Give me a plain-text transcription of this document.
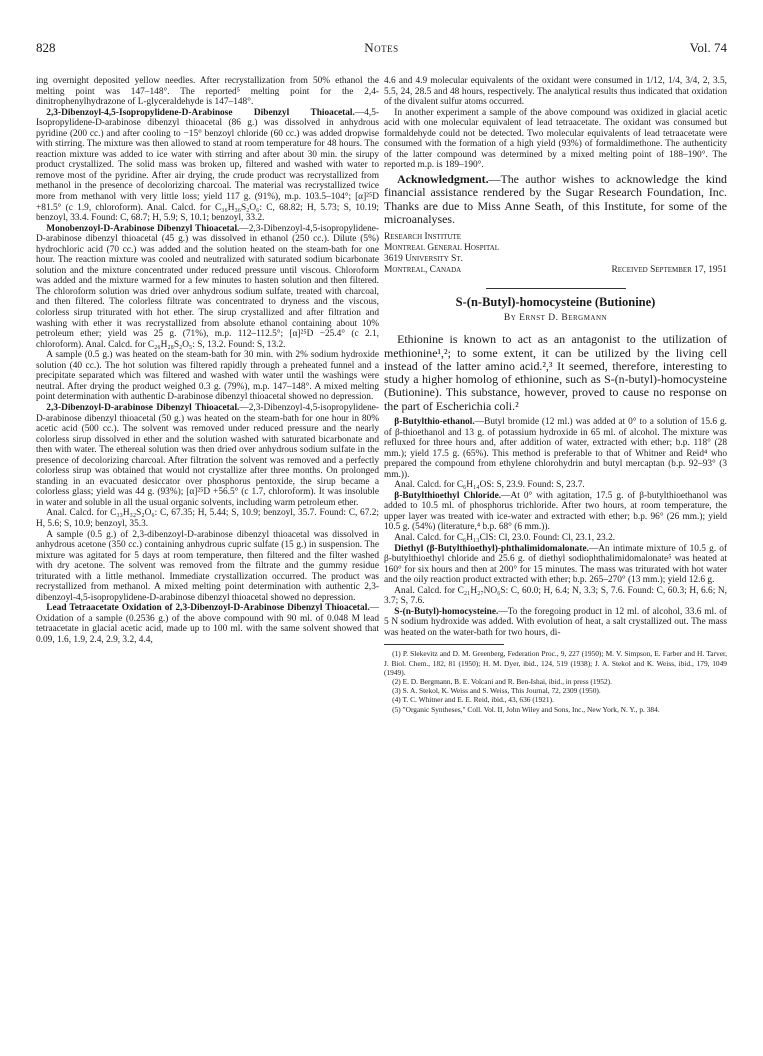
828	Notes	Vol. 74

ing overnight deposited yellow needles. After recrystallization from 50% ethanol the melting point was 147–148°. The reported⁵ melting point for the 2,4-dinitrophenylhydrazone of L-glyceraldehyde is 147–148°.

2,3-Dibenzoyl-4,5-Isopropylidene-D-Arabinose Dibenzyl Thioacetal.—4,5-Isopropylidene-D-arabinose dibenzyl thioacetal (86 g.) was dissolved in anhydrous pyridine (200 cc.) and after cooling to −15° benzoyl chloride (60 cc.) was added dropwise with stirring. The mixture was then allowed to stand at room temperature for 48 hours. The reaction mixture was added to ice water with stirring and after about 30 min. the sirupy product crystallized. The solid mass was broken up, filtered and washed with water to remove most of the pyridine. After air drying, the crude product was recrystallized from methanol in the presence of decolorizing charcoal. The material was recrystallized twice more from methanol with very little loss; yield 117 g. (91%), m.p. 103.5–104°; [α]²⁵D +81.5° (c 1.9, chloroform). Anal. Calcd. for C₃₆H₃₆S₂O₆: C, 68.82; H, 5.73; S, 10.19; benzoyl, 33.4. Found: C, 68.7; H, 5.9; S, 10.1; benzoyl, 33.2.

Monobenzoyl-D-Arabinose Dibenzyl Thioacetal.—2,3-Dibenzoyl-4,5-isopropylidene-D-arabinose dibenzyl thioacetal (45 g.) was dissolved in ethanol (250 cc.). Dilute (5%) hydrochloric acid (70 cc.) was added and the solution heated on the steam-bath for one hour. The reaction mixture was cooled and neutralized with saturated sodium bicarbonate solution and the mixture concentrated under reduced pressure until viscous. Chloroform was added and the mixture warmed for a few minutes to hasten solution and then filtered. The chloroform solution was dried over anhydrous sodium sulfate, treated with charcoal, and then filtered. The colorless filtrate was concentrated to dryness and the viscous, colorless sirup triturated with hot ether. The sirup crystallized and after filtration and washing with ether it was recrystallized from absolute ethanol containing about 10% petroleum ether; yield was 25 g. (71%), m.p. 112–112.5°; [α]²⁵D −25.4° (c 2.1, chloroform). Anal. Calcd. for C₂₆H₂₈S₂O₅: S, 13.2. Found: S, 13.2.

A sample (0.5 g.) was heated on the steam-bath for 30 min. with 2% sodium hydroxide solution (40 cc.). The hot solution was filtered rapidly through a preheated funnel and a precipitate separated which was filtered and washed with water until the washings were neutral. After drying the product weighed 0.3 g. (79%), m.p. 147–148°. A mixed melting point determination with authentic D-arabinose dibenzyl thioacetal showed no depression.

2,3-Dibenzoyl-D-arabinose Dibenzyl Thioacetal.—2,3-Dibenzoyl-4,5-isopropylidene-D-arabinose dibenzyl thioacetal (50 g.) was heated on the steam-bath for one hour in 80% acetic acid (500 cc.). The solvent was removed under reduced pressure and the nearly colorless sirup dissolved in ether and the solution washed with saturated bicarbonate and then with water. The ethereal solution was then dried over anhydrous sodium sulfate in the presence of decolorizing charcoal. After filtration the solvent was removed and a perfectly colorless sirup was obtained that would not crystallize after three months. On prolonged standing in an evacuated desiccator over phosphorus pentoxide, the sirup became a colorless glass; yield was 44 g. (93%); [α]²⁵D +56.5° (c 1.7, chloroform). It was insoluble in water and soluble in all the usual organic solvents, including warm petroleum ether.

Anal. Calcd. for C₃₃H₃₂S₂O₆: C, 67.35; H, 5.44; S, 10.9; benzoyl, 35.7. Found: C, 67.2; H, 5.6; S, 10.9; benzoyl, 35.3.

A sample (0.5 g.) of 2,3-dibenzoyl-D-arabinose dibenzyl thioacetal was dissolved in anhydrous acetone (350 cc.) containing anhydrous cupric sulfate (15 g.) in suspension. The mixture was agitated for 5 days at room temperature, then filtered and the filter washed with dry acetone. The solvent was removed from the filtrate and the gummy residue triturated with a little methanol. Immediate crystallization occurred. The product was recrystallized from methanol. A mixed melting point determination with authentic 2,3-dibenzoyl-4,5-isopropylidene-D-arabinose dibenzyl thioacetal showed no depression.

Lead Tetraacetate Oxidation of 2,3-Dibenzoyl-D-Arabinose Dibenzyl Thioacetal.—Oxidation of a sample (0.2536 g.) of the above compound with 90 ml. of 0.048 M lead tetraacetate in glacial acetic acid, made up to 100 ml. with the same solvent showed that 0.09, 1.6, 1.9, 2.4, 2.9, 3.2, 4.4,

4.6 and 4.9 molecular equivalents of the oxidant were consumed in 1/12, 1/4, 3/4, 2, 3.5, 5.5, 24, 28.5 and 48 hours, respectively. The analytical results thus indicated that oxidation of the divalent sulfur atoms occurred.

In another experiment a sample of the above compound was oxidized in glacial acetic acid with one molecular equivalent of lead tetraacetate. The oxidant was consumed but formaldehyde could not be detected. Two molecular equivalents of lead tetraacetate were consumed with the formation of a high yield (93%) of formaldimethone. The authenticity of the latter compound was determined by a mixed melting point of 188–190°. The reported m.p. is 189–190°.

Acknowledgment.—The author wishes to acknowledge the kind financial assistance rendered by the Sugar Research Foundation, Inc. Thanks are due to Miss Anne Seath, of this Institute, for some of the microanalyses.

Research Institute
Montreal General Hospital
3619 University St.
Montreal, Canada	Received September 17, 1951
S-(n-Butyl)-homocysteine (Butionine)
By Ernst D. Bergmann

Ethionine is known to act as an antagonist to the utilization of methionine¹,²; to some extent, it can be utilized by the living cell instead of the latter amino acid.²,³ It seemed, therefore, interesting to study a higher homolog of ethionine, such as S-(n-butyl)-homocysteine (Butionine). This substance, however, proved to cause no response on the part of Escherichia coli.²

β-Butylthio-ethanol.—Butyl bromide (12 ml.) was added at 0° to a solution of 15.6 g. of β-thioethanol and 13 g. of potassium hydroxide in 65 ml. of alcohol. The mixture was refluxed for three hours and, after addition of water, extracted with ether; b.p. 118° (28 mm.); yield 17.5 g. (65%). This method is preferable to that of Whitner and Reid⁴ who prepared the compound from ethylene chlorohydrin and butyl mercaptan (b.p. 92–93° (3 mm.)).

Anal. Calcd. for C₆H₁₄OS: S, 23.9. Found: S, 23.7.

β-Butylthioethyl Chloride.—At 0° with agitation, 17.5 g. of β-butylthioethanol was added to 10.5 ml. of phosphorus trichloride. After two hours, at room temperature, the upper layer was treated with ice-water and extracted with ether; b.p. 96° (26 mm.); yield 10.5 g. (54%) (literature,⁴ b.p. 68° (6 mm.)).

Anal. Calcd. for C₆H₁₃ClS: Cl, 23.0. Found: Cl, 23.1, 23.2.

Diethyl (β-Butylthioethyl)-phthalimidomalonate.—An intimate mixture of 10.5 g. of β-butylthioethyl chloride and 25.6 g. of diethyl sodiophthalimidomalonate⁵ was heated at 160° for six hours and then at 200° for 15 minutes. The mass was triturated with hot water and the oily reaction product extracted with ether; b.p. 265–270° (13 mm.); yield 12.6 g.

Anal. Calcd. for C₂₁H₂₇NO₆S: C, 60.0; H, 6.4; N, 3.3; S, 7.6. Found: C, 60.3; H, 6.6; N, 3.7; S, 7.6.

S-(n-Butyl)-homocysteine.—To the foregoing product in 12 ml. of alcohol, 33.6 ml. of 5 N sodium hydroxide was added. With evolution of heat, a salt crystallized out. The mass was heated on the water-bath for two hours, di-

(1) P. Slekevitz and D. M. Greenberg, Federation Proc., 9, 227 (1950); M. V. Simpson, E. Farber and H. Tarver, J. Biol. Chem., 182, 81 (1950); H. M. Dyer, ibid., 124, 519 (1938); J. A. Stekol and K. Weiss, ibid., 179, 1049 (1949).

(2) E. D. Bergmann, B. E. Volcani and R. Ben-Ishai, ibid., in press (1952).

(3) S. A. Stekol, K. Weiss and S. Weiss, This Journal, 72, 2309 (1950).

(4) T. C. Whitner and E. E. Reid, ibid., 43, 636 (1921).

(5) "Organic Syntheses," Coll. Vol. II, John Wiley and Sons, Inc., New York, N. Y., p. 384.
